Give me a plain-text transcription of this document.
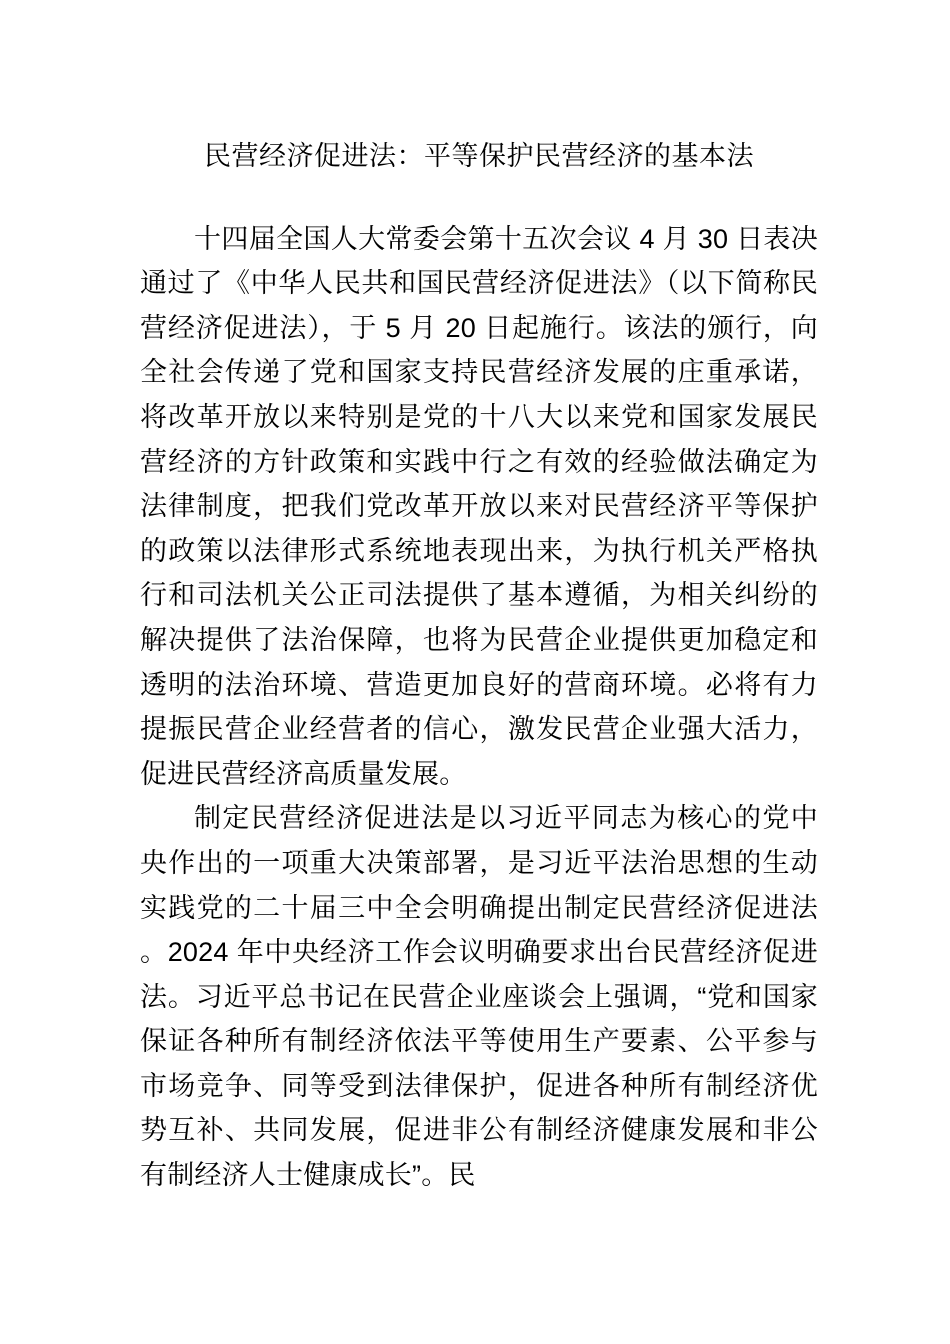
民营经济促进法：平等保护民营经济的基本法

十四届全国人大常委会第十五次会议 4 月 30 日表决通过了《中华人民共和国民营经济促进法》（以下简称民营经济促进法），于 5 月 20 日起施行。该法的颁行，向全社会传递了党和国家支持民营经济发展的庄重承诺，将改革开放以来特别是党的十八大以来党和国家发展民营经济的方针政策和实践中行之有效的经验做法确定为法律制度，把我们党改革开放以来对民营经济平等保护的政策以法律形式系统地表现出来，为执行机关严格执行和司法机关公正司法提供了基本遵循，为相关纠纷的解决提供了法治保障，也将为民营企业提供更加稳定和透明的法治环境、营造更加良好的营商环境。必将有力提振民营企业经营者的信心，激发民营企业强大活力，促进民营经济高质量发展。

制定民营经济促进法是以习近平同志为核心的党中央作出的一项重大决策部署，是习近平法治思想的生动实践党的二十届三中全会明确提出制定民营经济促进法。2024 年中央经济工作会议明确要求出台民营经济促进法。习近平总书记在民营企业座谈会上强调，“党和国家保证各种所有制经济依法平等使用生产要素、公平参与市场竞争、同等受到法律保护，促进各种所有制经济优势互补、共同发展，促进非公有制经济健康发展和非公有制经济人士健康成长”。民
